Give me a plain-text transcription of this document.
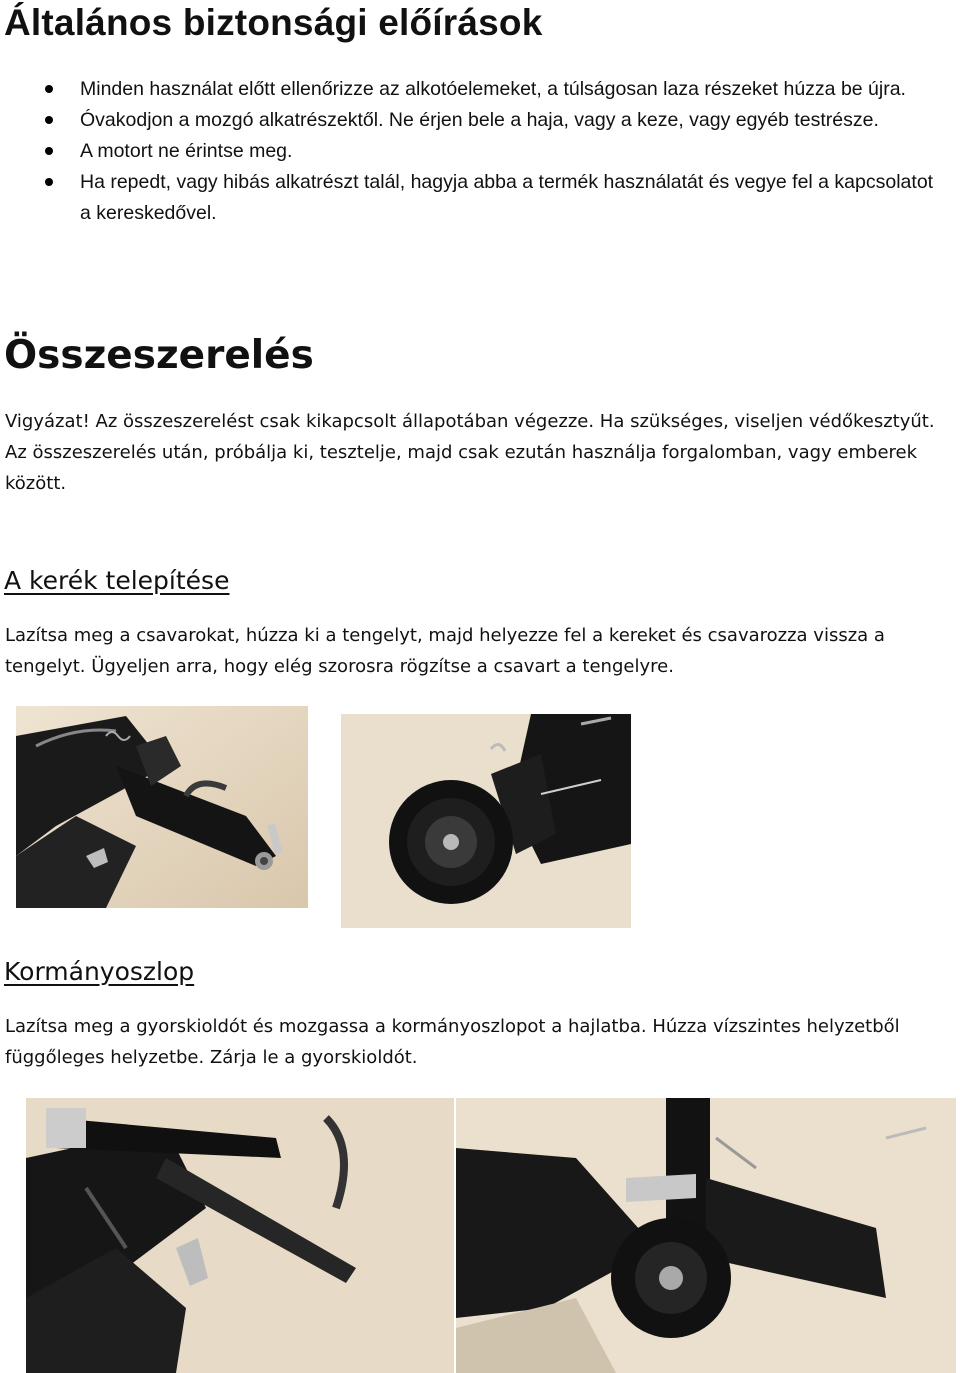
Általános biztonsági előírások
Minden használat előtt ellenőrizze az alkotóelemeket, a túlságosan laza részeket húzza be újra.
Óvakodjon a mozgó alkatrészektől. Ne érjen bele a haja, vagy a keze, vagy egyéb testrésze.
A motort ne érintse meg.
Ha repedt, vagy hibás alkatrészt talál, hagyja abba a termék használatát és vegye fel a kapcsolatot a kereskedővel.
Összeszerelés

Vigyázat! Az összeszerelést csak kikapcsolt állapotában végezze. Ha szükséges, viseljen védőkesztyűt. Az összeszerelés után, próbálja ki, tesztelje, majd csak ezután használja forgalomban, vagy emberek között.

A kerék telepítése

Lazítsa meg a csavarokat, húzza ki a tengelyt, majd helyezze fel a kereket és csavarozza vissza a tengelyt. Ügyeljen arra, hogy elég szorosra rögzítse a csavart a tengelyre.

Kormányoszlop

Lazítsa meg a gyorskioldót és mozgassa a kormányoszlopot a hajlatba. Húzza vízszintes helyzetből függőleges helyzetbe. Zárja le a gyorskioldót.
